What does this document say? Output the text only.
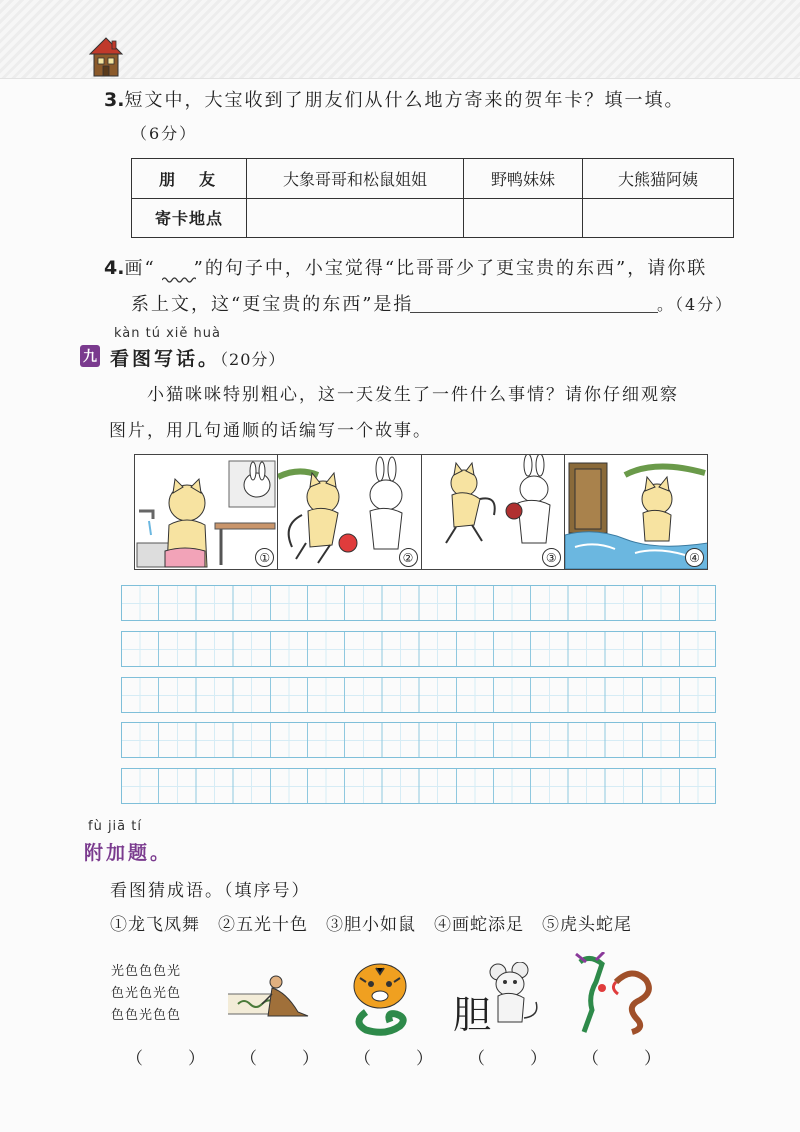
3.短文中，大宝收到了朋友们从什么地方寄来的贺年卡？填一填。
（6分）
朋　友	大象哥哥和松鼠姐姐	野鸭妹妹	大熊猫阿姨
寄卡地点			
4.画“ ”的句子中，小宝觉得“比哥哥少了更宝贵的东西”，请你联
系上文，这“更宝贵的东西”是指	。（4分）
kàn tú xiě huà
九 看图写话。（20分）
小猫咪咪特别粗心，这一天发生了一件什么事情？请你仔细观察
图片，用几句通顺的话编写一个故事。
①	②	③	④
fù jiā tí
附加题。
看图猜成语。（填序号）
①龙飞凤舞　②五光十色　③胆小如鼠　④画蛇添足　⑤虎头蛇尾
光色色色光
色光色光色
色色光色色	胆
（　） （　） （　） （　） （　）
